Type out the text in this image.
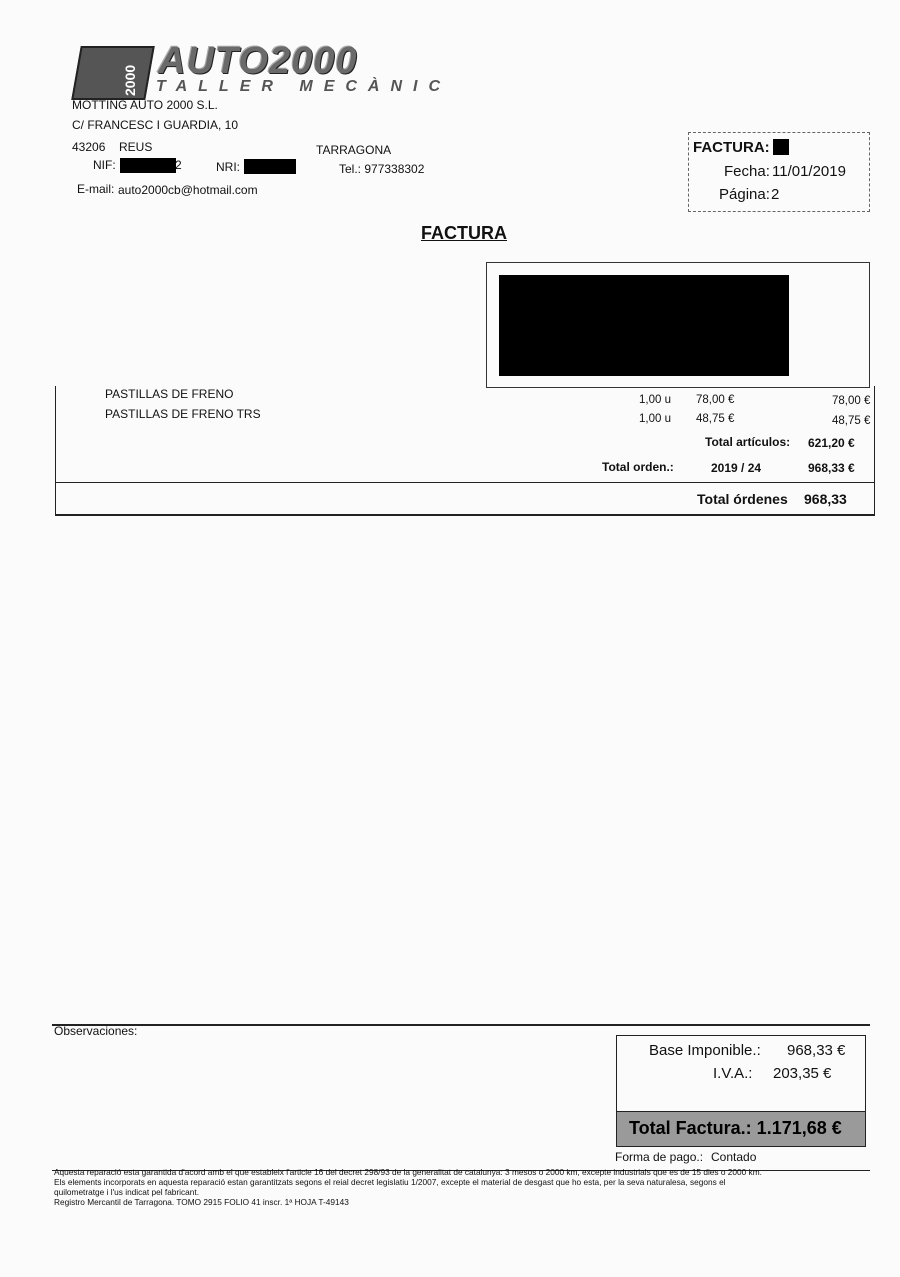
2000 AUTO2000
TALLER MECÀNIC
MOTTING AUTO 2000 S.L.
C/ FRANCESC I GUARDIA, 10
43206 REUS	TARRAGONA
NIF:	2	NRI:	Tel.: 977338302
E-mail: auto2000cb@hotmail.com
FACTURA:
Fecha: 11/01/2019
Página: 2
FACTURA
PASTILLAS DE FRENO	1,00 u 78,00 €	78,00 €
PASTILLAS DE FRENO TRS	1,00 u 48,75 €	48,75 €
Total artículos: 621,20 €
Total orden.:	2019 / 24	968,33 €
Total órdenes 968,33
Observaciones:
Base Imponible.: 968,33 €
I.V.A.: 203,35 €
Total Factura.: 1.171,68 €
Forma de pago.: Contado
Aquesta reparació esta garantida d'acord amb el que estableix l'article 16 del decret 298/93 de la generalitat de catalunya: 3 mesos o 2000 km, excepte industrials que es de 15 dies o 2000 km.
Els elements incorporats en aquesta reparació estan garantitzats segons el reial decret legislatiu 1/2007, excepte el material de desgast que ho esta, per la seva naturalesa, segons el
quilometratge i l'us indicat pel fabricant.
Registro Mercantil de Tarragona. TOMO 2915 FOLIO 41 inscr. 1ª HOJA T-49143
